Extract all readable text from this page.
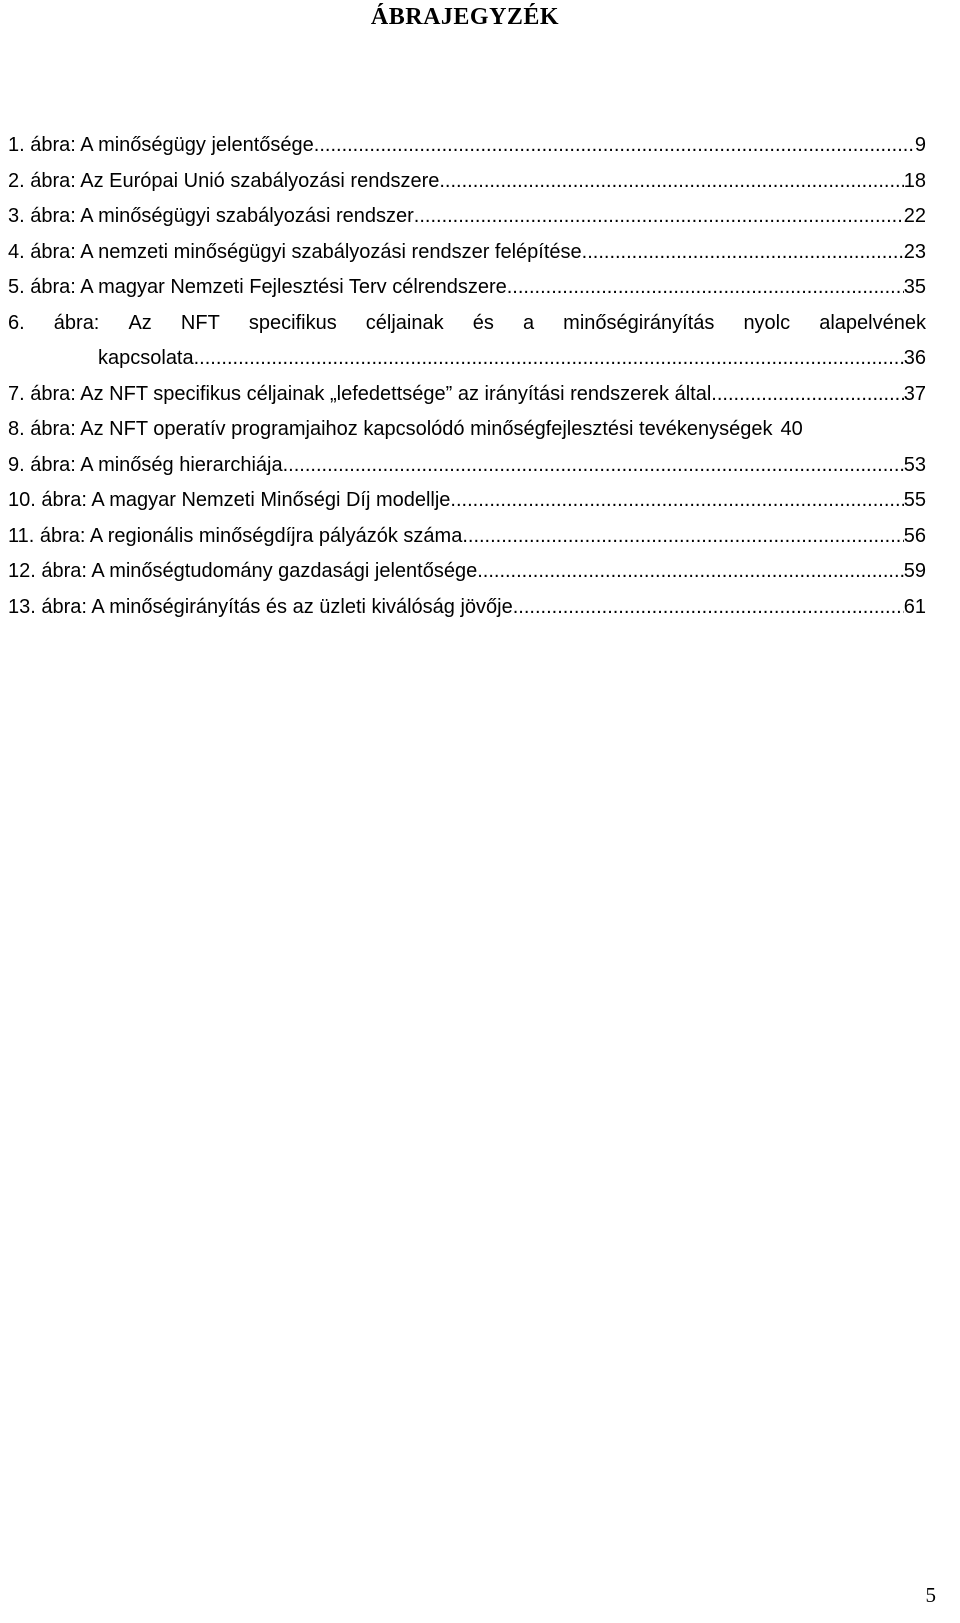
ÁBRAJEGYZÉK
1. ábra: A minőségügy jelentősége .....	9
2. ábra: Az Európai Unió szabályozási rendszere .....	18
3. ábra: A minőségügyi szabályozási rendszer .....	22
4. ábra: A nemzeti minőségügyi szabályozási rendszer felépítése .....	23
5. ábra: A magyar Nemzeti Fejlesztési Terv célrendszere .....	35
6. ábra: Az NFT specifikus céljainak és a minőségirányítás nyolc alapelvének
kapcsolata .....	36
7. ábra: Az NFT specifikus céljainak „lefedettsége” az irányítási rendszerek által .....	37
8. ábra: Az NFT operatív programjaihoz kapcsolódó minőségfejlesztési tevékenységek 40
9. ábra: A minőség hierarchiája .....	53
10. ábra: A magyar Nemzeti Minőségi Díj modellje .....	55
11. ábra: A regionális minőségdíjra pályázók száma .....	56
12. ábra: A minőségtudomány gazdasági jelentősége .....	59
13. ábra: A minőségirányítás és az üzleti kiválóság jövője .....	61
5
